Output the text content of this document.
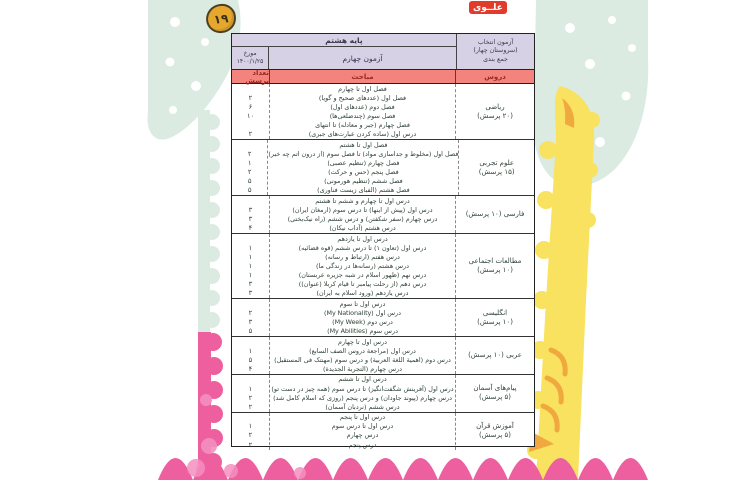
۱۹
علــوی
آزمون انتخاب
(سروستان چهار)
جمع بندی
پایه هشتم
آزمون چهارم
مورخ
۱۴۰۰/۱/۲۵
دروس
مباحث
تعداد پرسش
ریاضی
(۲۰ پرسش)
فصل اول تا چهارم
فصل اول (عددهای صحیح و گویا)
فصل دوم (عددهای اول)
فصل سوم (چندضلعی‌ها)
فصل چهارم (جبر و معادله) تا انتهای
درس اول (ساده کردن عبارت‌های جبری)
۲
۶
۱۰
۲
علوم تجربی
(۱۵ پرسش)
فصل اول تا هشتم
فصل اول (مخلوط و جداسازی مواد) تا فصل سوم (از درون اتم چه خبر)
فصل چهارم (تنظیم عصبی)
فصل پنجم (حس و حرکت)
فصل ششم (تنظیم هورمونی)
فصل هشتم (الفبای زیست فناوری)
۲
۱
۲
۵
۵
فارسی (۱۰ پرسش)
درس اول تا چهارم و ششم تا هشتم
درس اول (پیش از اینها) تا درس سوم (ارمغان ایران)
درس چهارم (سفر شکفتن) و درس ششم (راه نیک‌بختی)
درس هشتم (آداب نیکان)
۳
۳
۴
مطالعات اجتماعی
(۱۰ پرسش)
درس اول تا یازدهم
درس اول (تعاون ۱) تا درس ششم (قوه قضائیه)
درس هفتم (ارتباط و رسانه)
درس هشتم (رسانه‌ها در زندگی ما)
درس نهم (ظهور اسلام در شبه جزیره عربستان)
درس دهم (از رحلت پیامبر تا قیام کربلا (عنوان))
درس یازدهم (ورود اسلام به ایران)
۱
۱
۱
۱
۳
۳
انگلیسی
(۱۰ پرسش)
درس اول تا سوم
درس اول (My Nationality)
درس دوم (My Week)
درس سوم (My Abilities)
۲
۳
۵
عربی (۱۰ پرسش)
درس اول تا چهارم
درس اول (مراجعة دروس الصف السابع)
درس دوم (اهمیة اللغة العربیة) و درس سوم (مهنتک فی المستقبل)
درس چهارم (التجربة الجدیدة)
۱
۵
۴
پیام‌های آسمان
(۵ پرسش)
درس اول تا ششم
درس اول (آفرینش شگفت‌انگیز) تا درس سوم (همه چیز در دست تو)
درس چهارم (پیوند جاودان) و درس پنجم (روزی که اسلام کامل شد)
درس ششم (نردبان آسمان)
۱
۲
۲
آموزش قرآن
(۵ پرسش)
درس اول تا پنجم
درس اول تا درس سوم
درس چهارم
درس پنجم
۱
۲
۲
